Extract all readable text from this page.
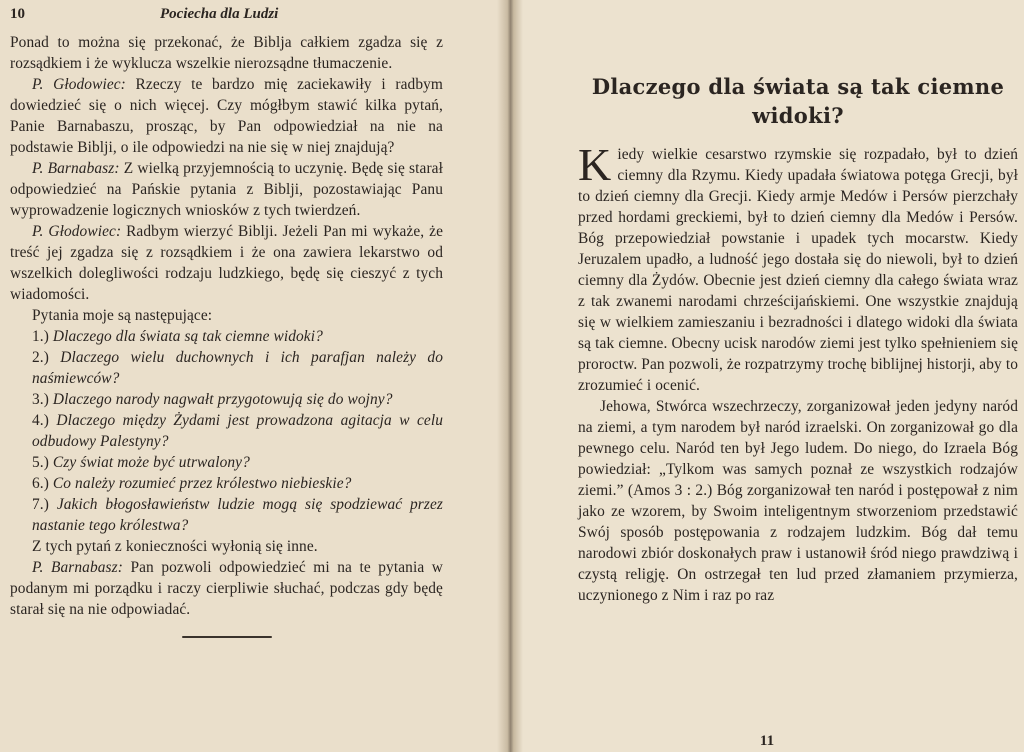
10	Pociecha dla Ludzi

Ponad to można się przekonać, że Biblja całkiem zgadza się z rozsądkiem i że wyklucza wszelkie nierozsądne tłumaczenie.

P. Głodowiec: Rzeczy te bardzo mię zaciekawiły i radbym dowiedzieć się o nich więcej. Czy mógłbym stawić kilka pytań, Panie Barnabaszu, prosząc, by Pan odpowiedział na nie na podstawie Biblji, o ile odpowiedzi na nie się w niej znajdują?

P. Barnabasz: Z wielką przyjemnością to uczynię. Będę się starał odpowiedzieć na Pańskie pytania z Biblji, pozostawiając Panu wyprowadzenie logicznych wniosków z tych twierdzeń.

P. Głodowiec: Radbym wierzyć Biblji. Jeżeli Pan mi wykaże, że treść jej zgadza się z rozsądkiem i że ona zawiera lekarstwo od wszelkich dolegliwości rodzaju ludzkiego, będę się cieszyć z tych wiadomości.

Pytania moje są następujące:

1.) Dlaczego dla świata są tak ciemne widoki?

2.) Dlaczego wielu duchownych i ich parafjan należy do naśmiewców?

3.) Dlaczego narody nagwałt przygotowują się do wojny?

4.) Dlaczego między Żydami jest prowadzona agitacja w celu odbudowy Palestyny?

5.) Czy świat może być utrwalony?

6.) Co należy rozumieć przez królestwo niebieskie?

7.) Jakich błogosławieństw ludzie mogą się spodziewać przez nastanie tego królestwa?

Z tych pytań z konieczności wyłonią się inne.

P. Barnabasz: Pan pozwoli odpowiedzieć mi na te pytania w podanym mi porządku i raczy cierpliwie słuchać, podczas gdy będę starał się na nie odpowiadać.

Dlaczego dla świata są tak ciemne widoki?

Kiedy wielkie cesarstwo rzymskie się rozpadało, był to dzień ciemny dla Rzymu. Kiedy upadała światowa potęga Grecji, był to dzień ciemny dla Grecji. Kiedy armje Medów i Persów pierzchały przed hordami greckiemi, był to dzień ciemny dla Medów i Persów. Bóg przepowiedział powstanie i upadek tych mocarstw. Kiedy Jeruzalem upadło, a ludność jego dostała się do niewoli, był to dzień ciemny dla Żydów. Obecnie jest dzień ciemny dla całego świata wraz z tak zwanemi narodami chrześcijańskiemi. One wszystkie znajdują się w wielkiem zamieszaniu i bezradności i dlatego widoki dla świata są tak ciemne. Obecny ucisk narodów ziemi jest tylko spełnieniem się proroctw. Pan pozwoli, że rozpatrzymy trochę biblijnej historji, aby to zrozumieć i ocenić.

Jehowa, Stwórca wszechrzeczy, zorganizował jeden jedyny naród na ziemi, a tym narodem był naród izraelski. On zorganizował go dla pewnego celu. Naród ten był Jego ludem. Do niego, do Izraela Bóg powiedział: „Tylkom was samych poznał ze wszystkich rodzajów ziemi.” (Amos 3 : 2.) Bóg zorganizował ten naród i postępował z nim jako ze wzorem, by Swoim inteligentnym stworzeniom przedstawić Swój sposób postępowania z rodzajem ludzkim. Bóg dał temu narodowi zbiór doskonałych praw i ustanowił śród niego prawdziwą i czystą religję. On ostrzegał ten lud przed złamaniem przymierza, uczynionego z Nim i raz po raz

11
